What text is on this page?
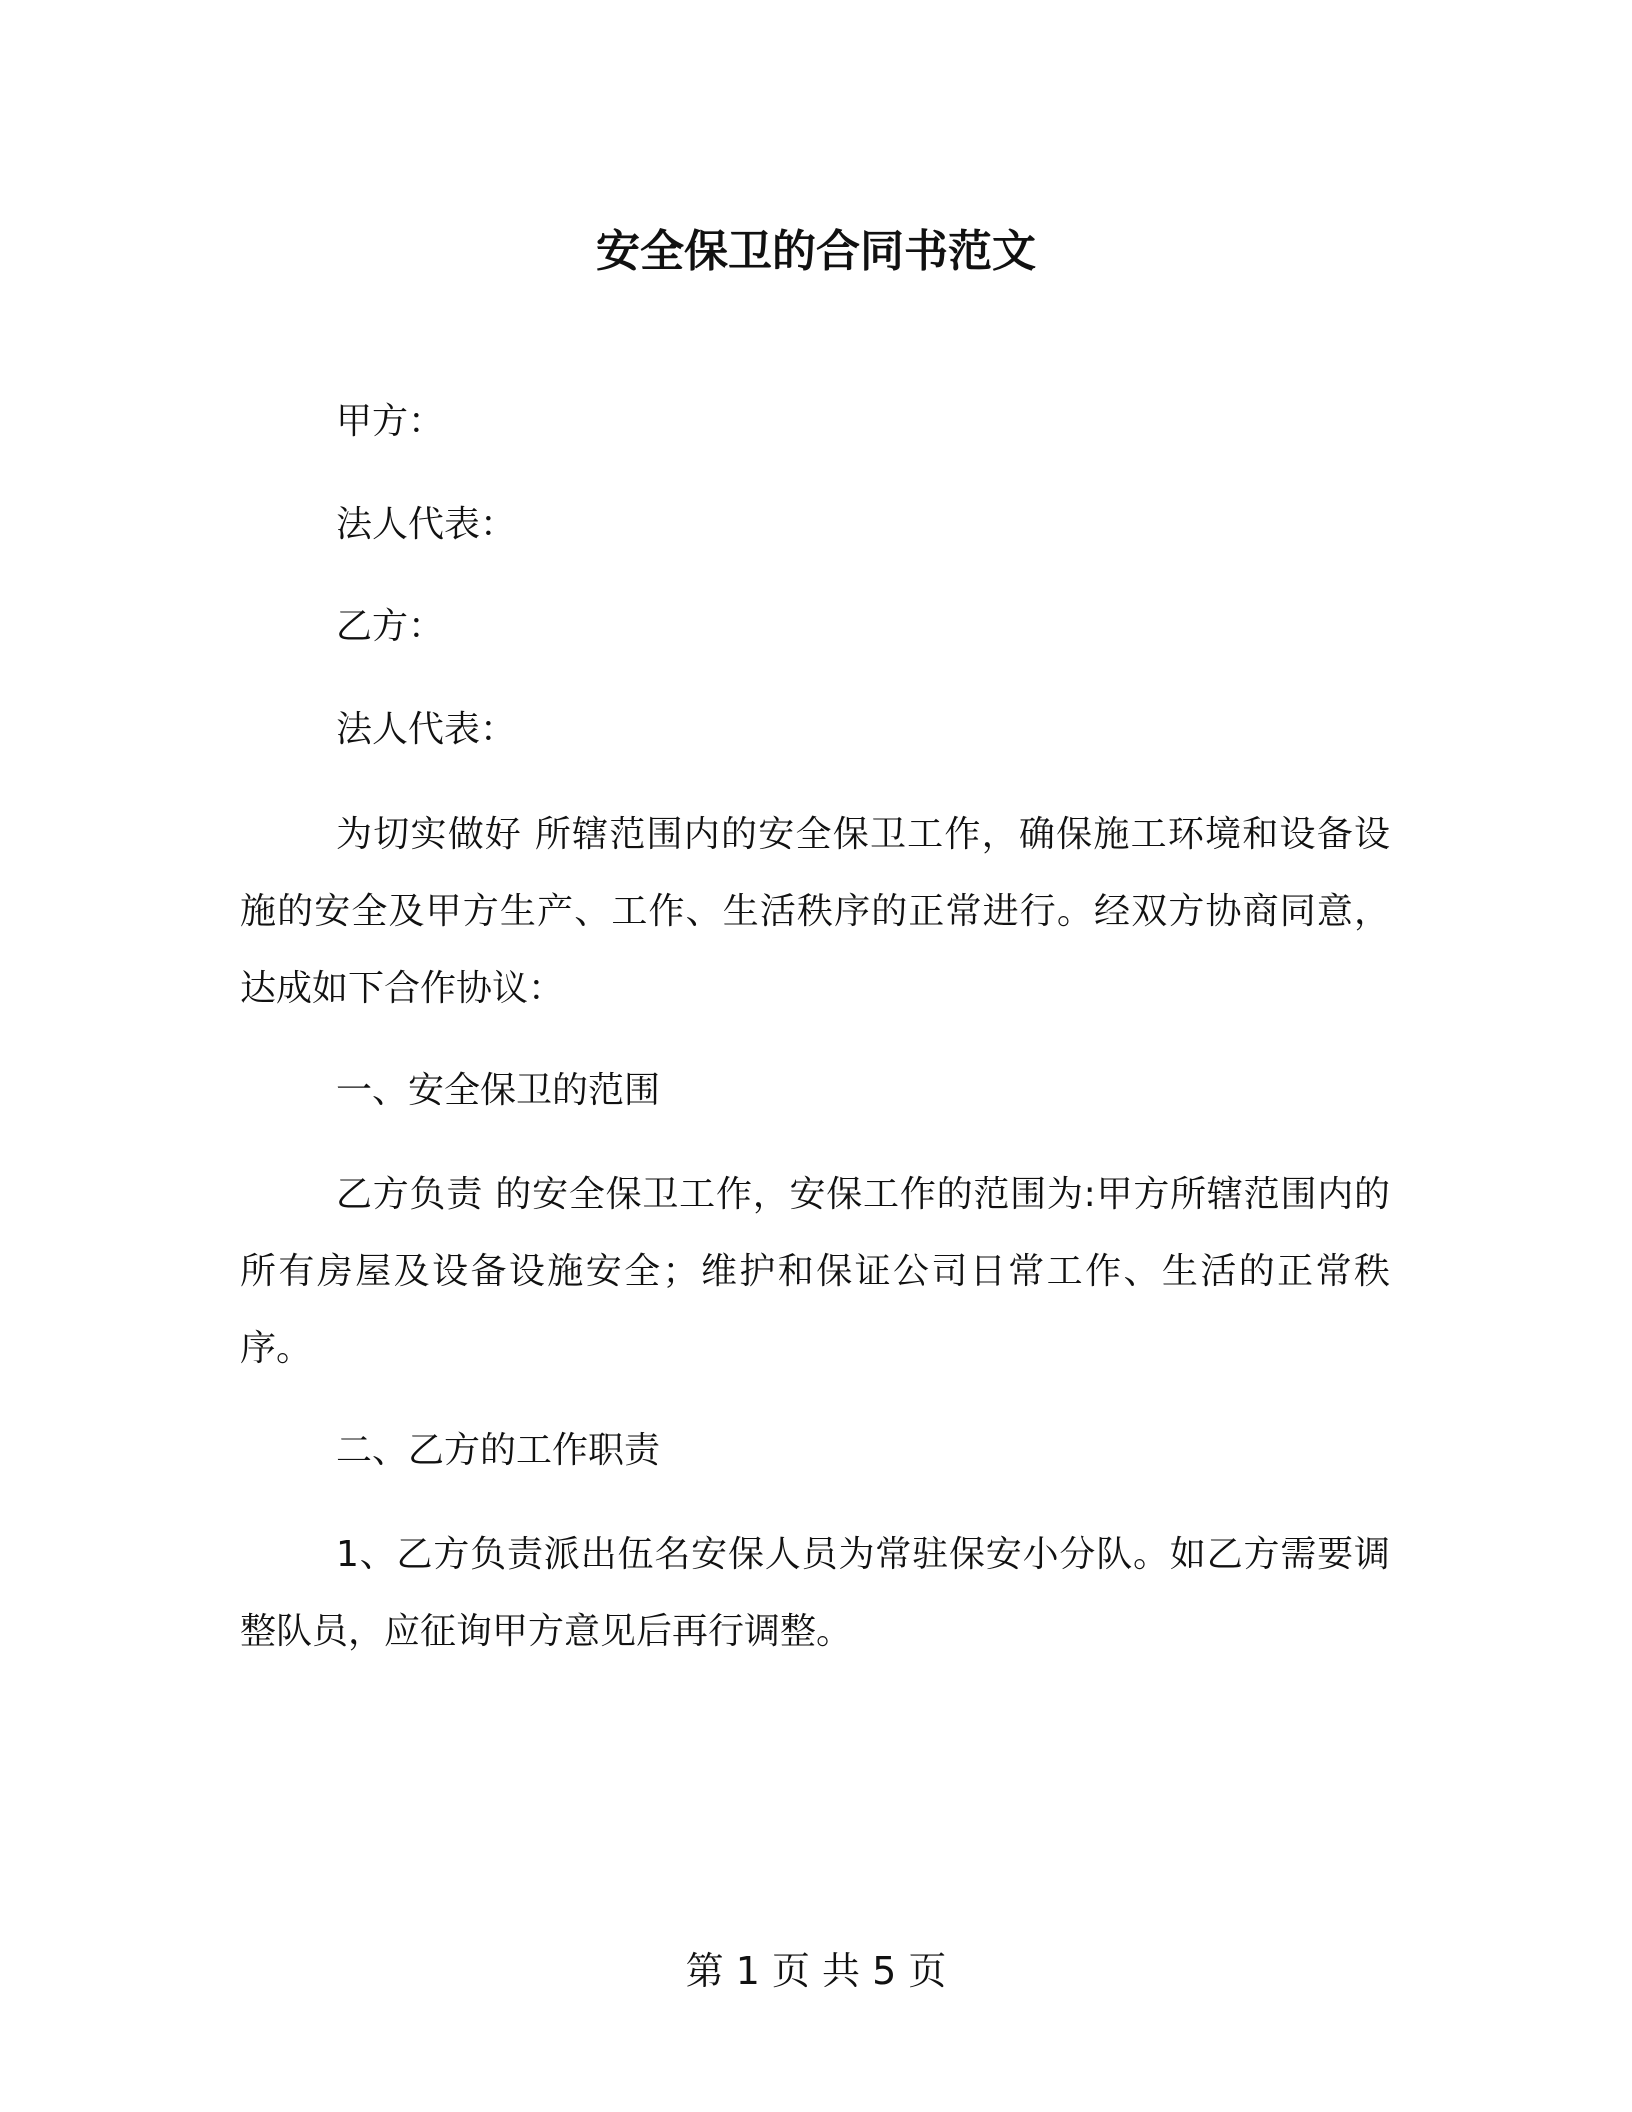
安全保卫的合同书范文
甲方：
法人代表：
乙方：
法人代表：
为切实做好 所辖范围内的安全保卫工作，确保施工环境和设备设施的安全及甲方生产、工作、生活秩序的正常进行。经双方协商同意，达成如下合作协议：
一、安全保卫的范围
乙方负责 的安全保卫工作，安保工作的范围为:甲方所辖范围内的所有房屋及设备设施安全；维护和保证公司日常工作、生活的正常秩序。
二、乙方的工作职责
1、乙方负责派出伍名安保人员为常驻保安小分队。如乙方需要调整队员，应征询甲方意见后再行调整。
第 1 页 共 5 页
